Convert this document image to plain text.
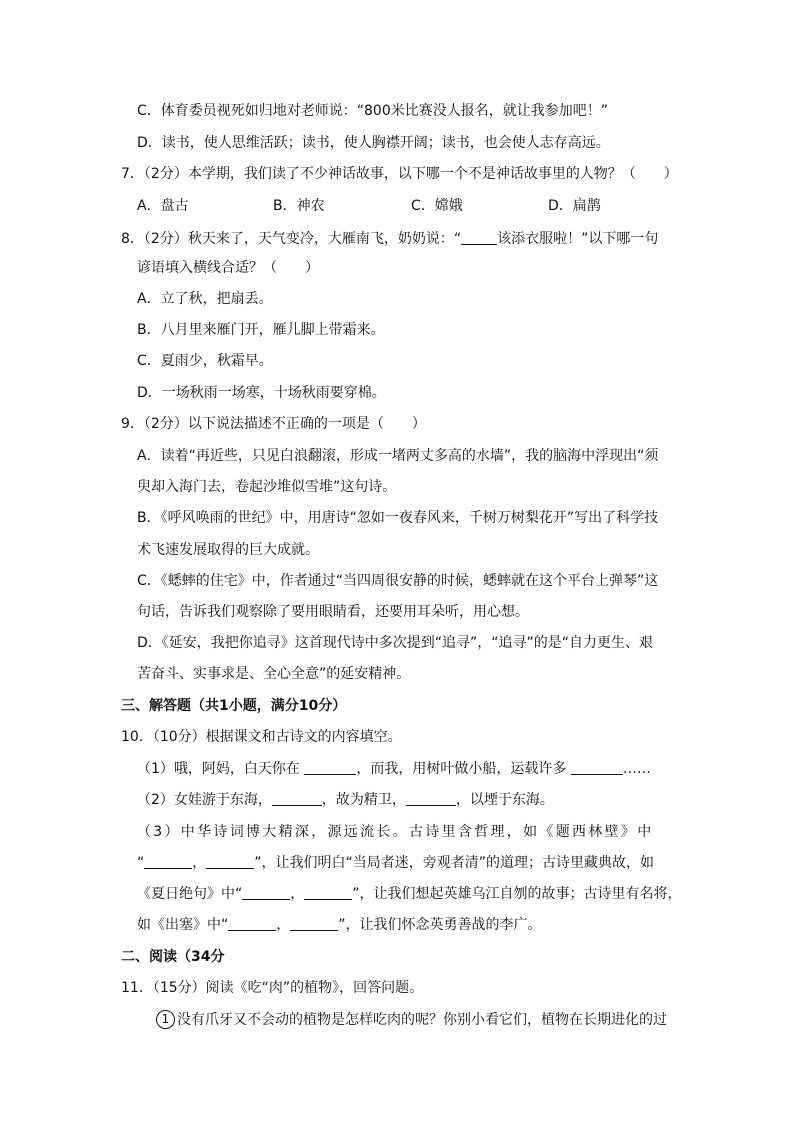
C．体育委员视死如归地对老师说：“800米比赛没人报名，就让我参加吧！”
D．读书，使人思维活跃；读书，使人胸襟开阔；读书，也会使人志存高远。
7．（2分）本学期，我们读了不少神话故事，以下哪一个不是神话故事里的人物？（　　）
A．盘古	B．神农	C．嫦娥	D．扁鹊
8．（2分）秋天来了，天气变冷，大雁南飞，奶奶说：“	该添衣服啦！”以下哪一句
谚语填入横线合适？（　　）
A．立了秋，把扇丢。
B．八月里来雁门开，雁儿脚上带霜来。
C．夏雨少，秋霜早。
D．一场秋雨一场寒，十场秋雨要穿棉。
9．（2分）以下说法描述不正确的一项是（　　）
A．读着“再近些，只见白浪翻滚，形成一堵两丈多高的水墙”，我的脑海中浮现出“须
臾却入海门去，卷起沙堆似雪堆”这句诗。
B．《呼风唤雨的世纪》中，用唐诗“忽如一夜春风来，千树万树梨花开”写出了科学技
术飞速发展取得的巨大成就。
C．《蟋蟀的住宅》中，作者通过“当四周很安静的时候，蟋蟀就在这个平台上弹琴”这
句话，告诉我们观察除了要用眼睛看，还要用耳朵听，用心想。
D．《延安，我把你追寻》这首现代诗中多次提到“追寻”，“追寻”的是“自力更生、艰
苦奋斗、实事求是、全心全意”的延安精神。
三、解答题（共1小题，满分10分）
10．（10分）根据课文和古诗文的内容填空。
（1）哦，阿妈，白天你在	，而我，用树叶做小船，运载许多	……
（2）女娃游于东海，	，故为精卫，	，以堙于东海。
（3）中华诗词博大精深，源远流长。古诗里含哲理，如《题西林壁》中
“	，	”，让我们明白“当局者迷，旁观者清”的道理；古诗里藏典故，如
《夏日绝句》中“	，	”，让我们想起英雄乌江自刎的故事；古诗里有名将，
如《出塞》中“	，	”，让我们怀念英勇善战的李广。
二、阅读（34分
11．（15分）阅读《吃“肉”的植物》，回答问题。
1 没有爪牙又不会动的植物是怎样吃肉的呢？你别小看它们，植物在长期进化的过
